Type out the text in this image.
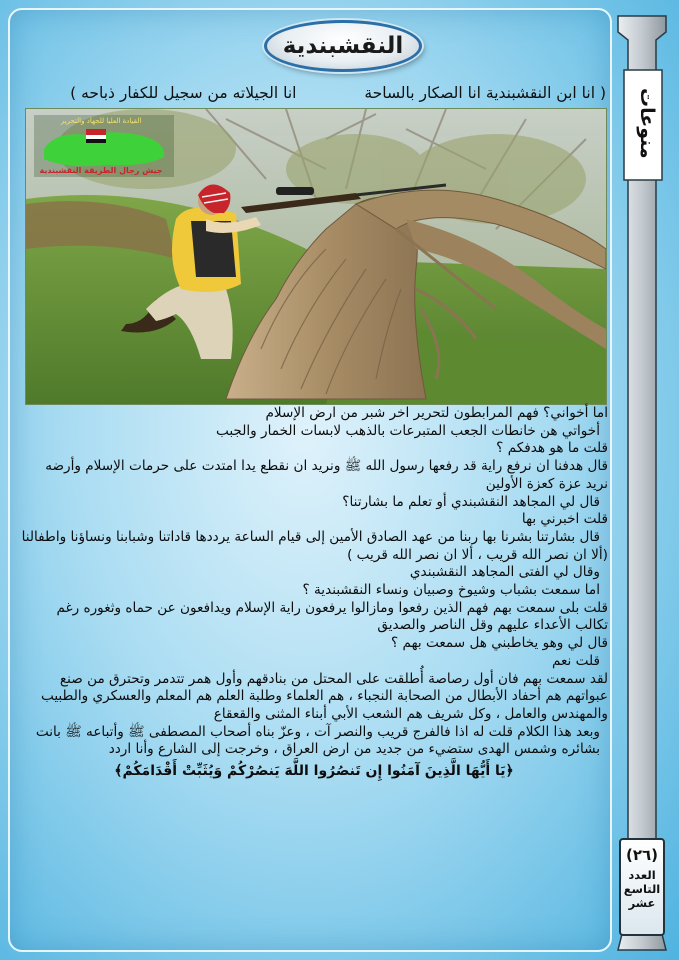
النقشبندية
منوعات
( انا ابن النقشبندية انا الصكار بالساحة  انا الجيلاته من سجيل للكفار ذباحه )
القيادة العليا للجهاد والتحرير
جيش رجال الطريقة النقشبندية

اما أخواني؟ فهم المرابطون لتحرير اخر شبر من ارض الإسلام

أخواتي هن خانطات الجعب المتبرعات بالذهب لابسات الخمار والجبب

قلت ما هو هدفكم ؟

قال هدفنا ان نرفع راية قد رفعها رسول الله ﷺ ونريد ان نقطع يدا امتدت على حرمات الإسلام وأرضه نريد عزة كعزة الأولين

قال لي المجاهد النقشبندي أو تعلم ما بشارتنا؟

قلت اخبرني بها

قال بشارتنا بشرنا بها ربنا من عهد الصادق الأمين إلى قيام الساعة يرددها قاداتنا وشبابنا ونساؤنا واطفالنا

(ألا ان نصر الله قريب ، ألا ان نصر الله قريب )

وقال لي الفتى المجاهد النقشبندي

اما سمعت بشباب وشيوخ وصبيان ونساء النقشبندية ؟

قلت بلى سمعت بهم فهم الذين رفعوا ومازالوا يرفعون راية الإسلام ويدافعون عن حماه وثغوره رغم تكالب الأعداء عليهم وقل الناصر والصديق

قال لي وهو يخاطبني هل سمعت بهم ؟

قلت نعم

لقد سمعت بهم فان أول رصاصة أُطلقت على المحتل من بنادقهم وأول همر تتدمر وتحترق من صنع عبواتهم هم أحفاد الأبطال من الصحابة النجباء ، هم العلماء وطلبة العلم هم المعلم والعسكري والطبيب والمهندس والعامل ، وكل شريف هم الشعب الأبي أبناء المثنى والقعقاع

وبعد هذا الكلام قلت له اذا فالفرج قريب والنصر آت ، وعزّ بناه أصحاب المصطفى ﷺ وأتباعه ﷺ بانت بشائره وشمس الهدى ستضيء من جديد من ارض العراق ، وخرجت إلى الشارع وأنا اردد

﴿يَا أَيُّهَا الَّذِينَ آمَنُوا إِن تَنصُرُوا اللَّهَ يَنصُرْكُمْ وَيُثَبِّتْ أَقْدَامَكُمْ﴾

(٢٦)
العدد
التاسع
عشر
